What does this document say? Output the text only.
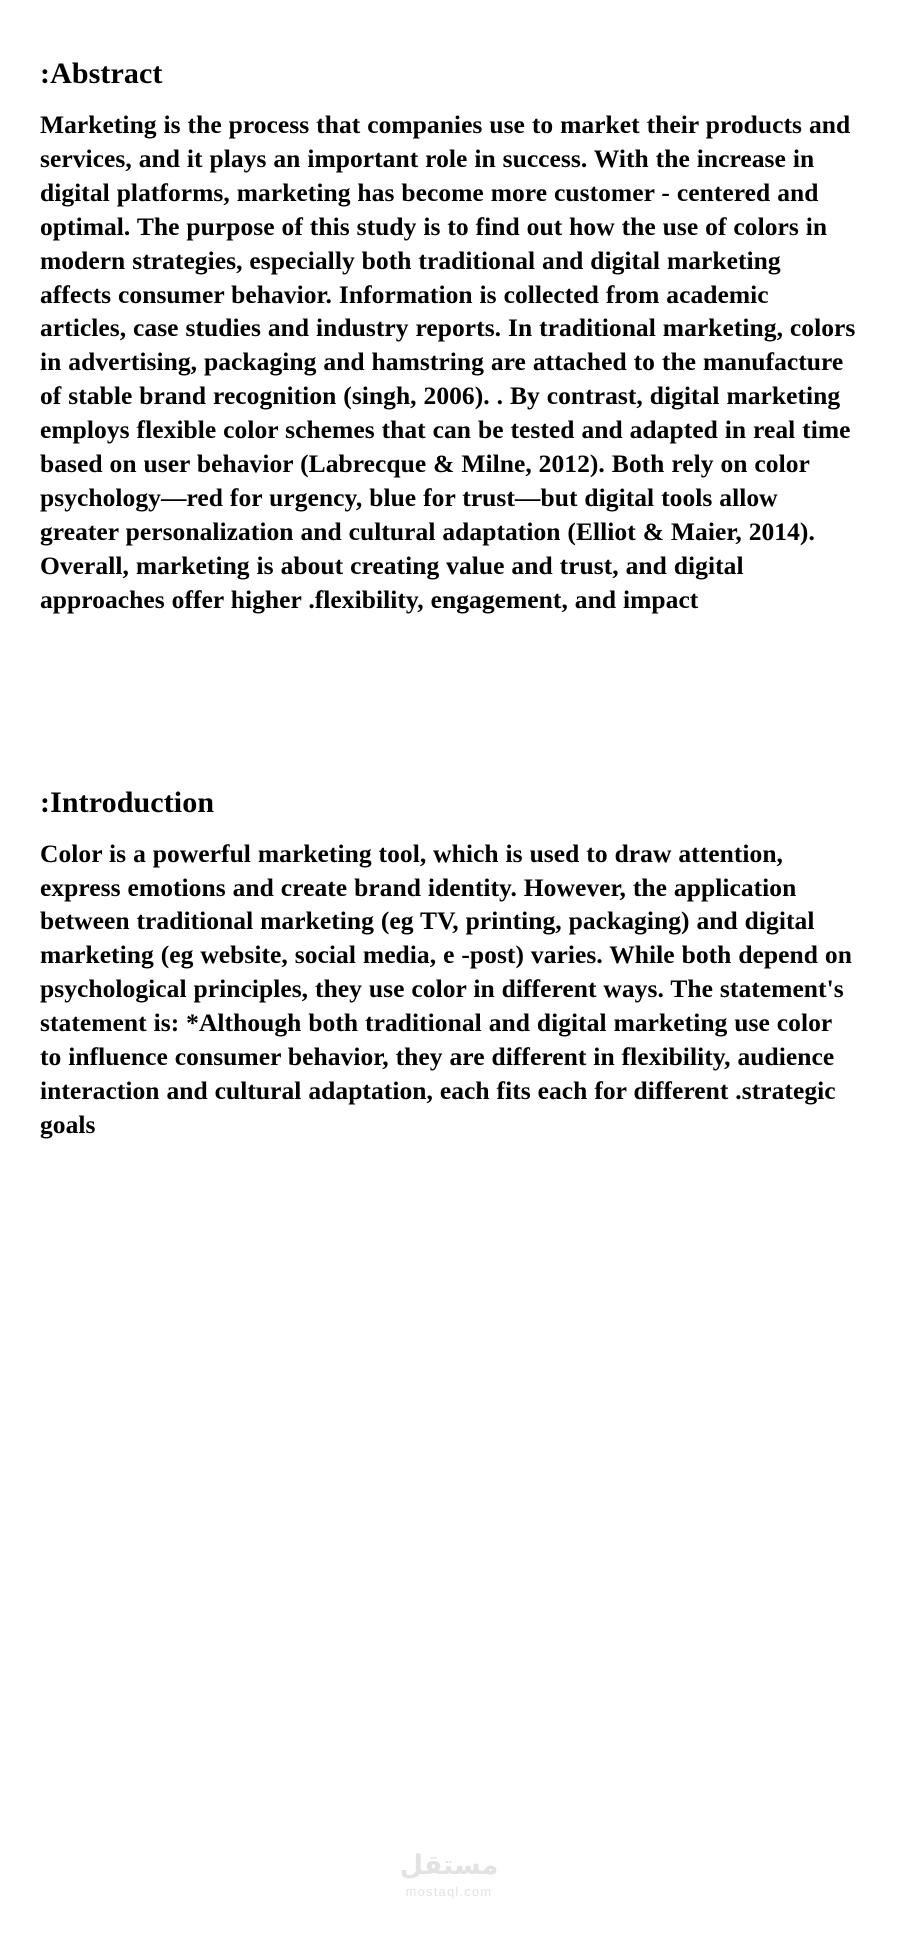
:Abstract

Marketing is the process that companies use to market their products and services, and it plays an important role in success. With the increase in digital platforms, marketing has become more customer - centered and optimal. The purpose of this study is to find out how the use of colors in modern strategies, especially both traditional and digital marketing affects consumer behavior. Information is collected from academic articles, case studies and industry reports. In traditional marketing, colors in advertising, packaging and hamstring are attached to the manufacture of stable brand recognition (singh, 2006). . By contrast, digital marketing employs flexible color schemes that can be tested and adapted in real time based on user behavior (Labrecque & Milne, 2012). Both rely on color psychology—red for urgency, blue for trust—but digital tools allow greater personalization and cultural adaptation (Elliot & Maier, 2014). Overall, marketing is about creating value and trust, and digital approaches offer higher .flexibility, engagement, and impact

:Introduction

Color is a powerful marketing tool, which is used to draw attention, express emotions and create brand identity. However, the application between traditional marketing (eg TV, printing, packaging) and digital marketing (eg website, social media, e -post) varies. While both depend on psychological principles, they use color in different ways. The statement's statement is: *Although both traditional and digital marketing use color to influence consumer behavior, they are different in flexibility, audience interaction and cultural adaptation, each fits each for different .strategic goals

مستقل
mostaql.com
